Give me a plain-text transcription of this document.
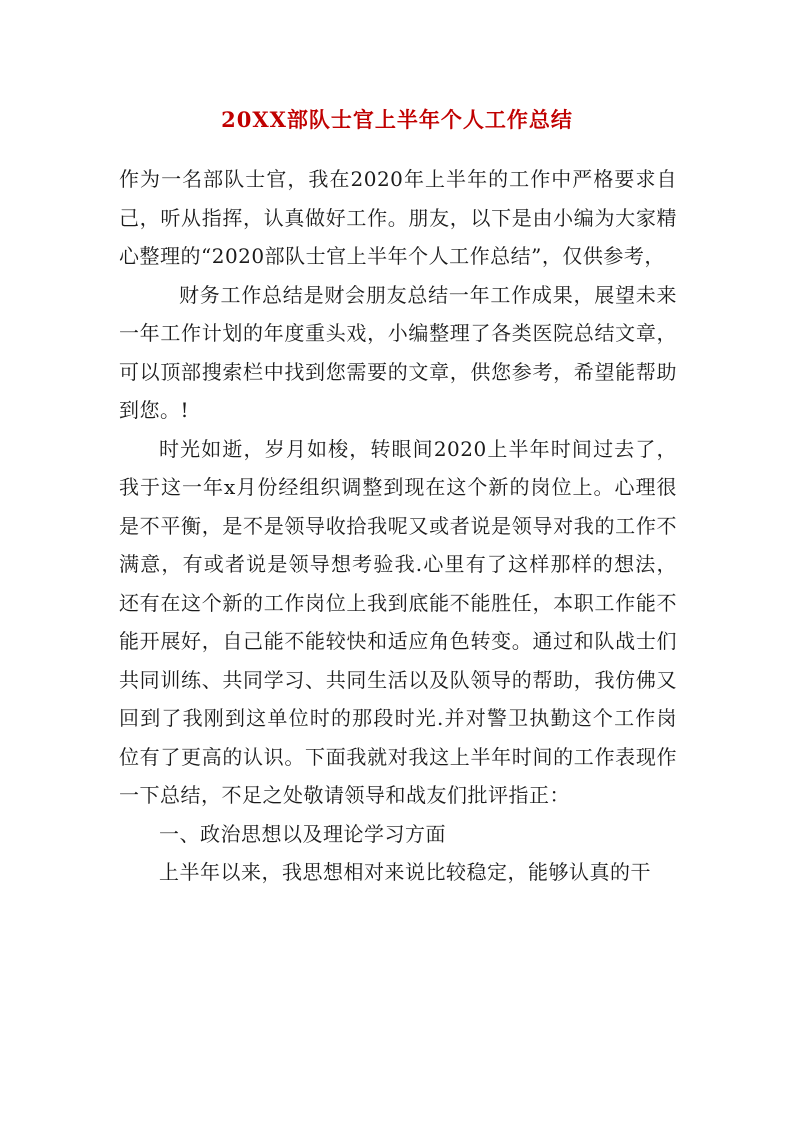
20XX部队士官上半年个人工作总结

作为一名部队士官，我在2020年上半年的工作中严格要求自己，听从指挥，认真做好工作。朋友，以下是由小编为大家精心整理的“2020部队士官上半年个人工作总结”，仅供参考，

财务工作总结是财会朋友总结一年工作成果，展望未来一年工作计划的年度重头戏，小编整理了各类医院总结文章，可以顶部搜索栏中找到您需要的文章，供您参考，希望能帮助到您。!

时光如逝，岁月如梭，转眼间2020上半年时间过去了，我于这一年x月份经组织调整到现在这个新的岗位上。心理很是不平衡，是不是领导收拾我呢又或者说是领导对我的工作不满意，有或者说是领导想考验我.心里有了这样那样的想法，还有在这个新的工作岗位上我到底能不能胜任，本职工作能不能开展好，自己能不能较快和适应角色转变。通过和队战士们共同训练、共同学习、共同生活以及队领导的帮助，我仿佛又回到了我刚到这单位时的那段时光.并对警卫执勤这个工作岗位有了更高的认识。下面我就对我这上半年时间的工作表现作一下总结，不足之处敬请领导和战友们批评指正：

一、政治思想以及理论学习方面

上半年以来，我思想相对来说比较稳定，能够认真的干
